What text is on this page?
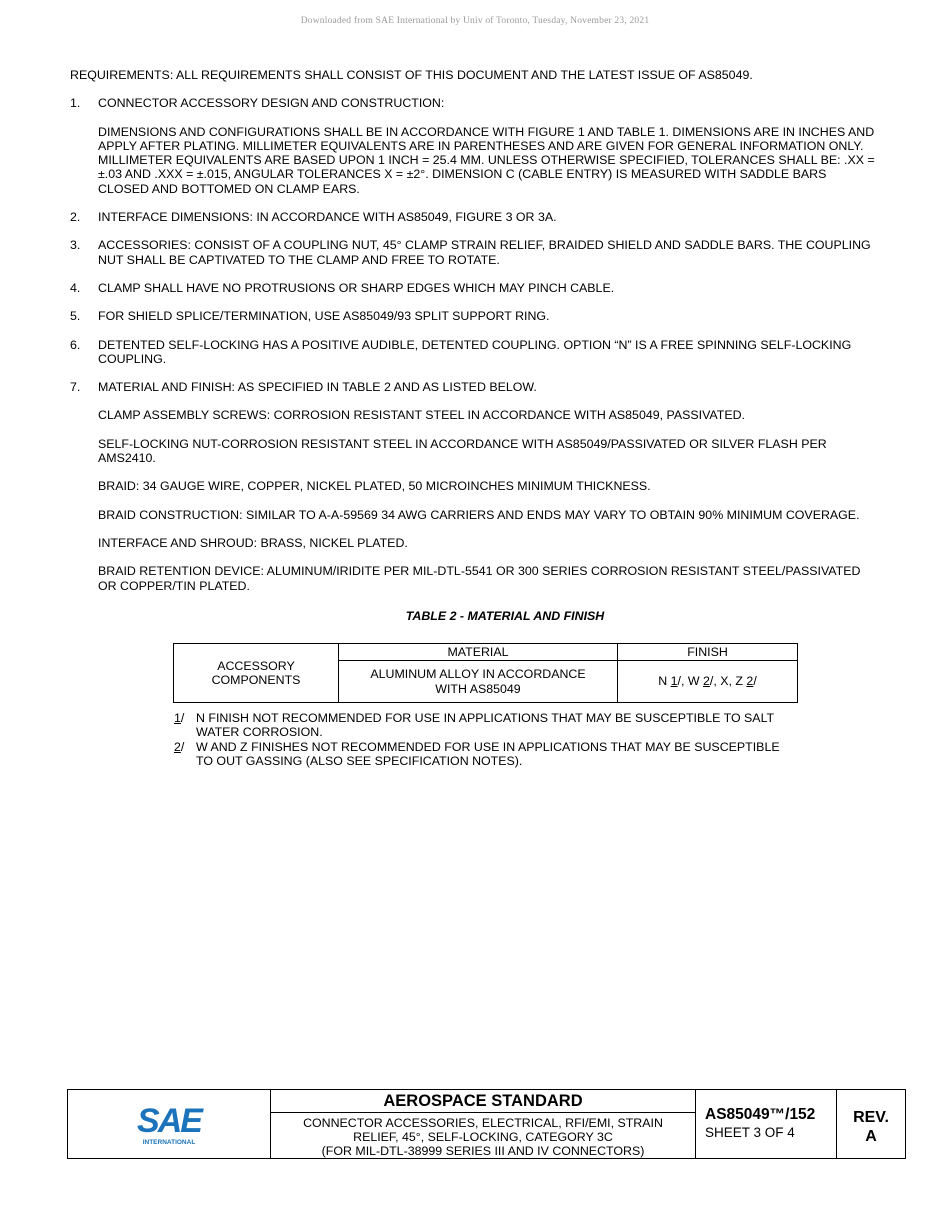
Downloaded from SAE International by Univ of Toronto, Tuesday, November 23, 2021

REQUIREMENTS: ALL REQUIREMENTS SHALL CONSIST OF THIS DOCUMENT AND THE LATEST ISSUE OF AS85049.

1.	CONNECTOR ACCESSORY DESIGN AND CONSTRUCTION:

DIMENSIONS AND CONFIGURATIONS SHALL BE IN ACCORDANCE WITH FIGURE 1 AND TABLE 1. DIMENSIONS ARE IN INCHES AND APPLY AFTER PLATING. MILLIMETER EQUIVALENTS ARE IN PARENTHESES AND ARE GIVEN FOR GENERAL INFORMATION ONLY. MILLIMETER EQUIVALENTS ARE BASED UPON 1 INCH = 25.4 MM. UNLESS OTHERWISE SPECIFIED, TOLERANCES SHALL BE: .XX = ±.03 AND .XXX = ±.015, ANGULAR TOLERANCES X = ±2°. DIMENSION C (CABLE ENTRY) IS MEASURED WITH SADDLE BARS CLOSED AND BOTTOMED ON CLAMP EARS.

2.	INTERFACE DIMENSIONS: IN ACCORDANCE WITH AS85049, FIGURE 3 OR 3A.
3.	ACCESSORIES: CONSIST OF A COUPLING NUT, 45° CLAMP STRAIN RELIEF, BRAIDED SHIELD AND SADDLE BARS. THE COUPLING NUT SHALL BE CAPTIVATED TO THE CLAMP AND FREE TO ROTATE.
4.	CLAMP SHALL HAVE NO PROTRUSIONS OR SHARP EDGES WHICH MAY PINCH CABLE.
5.	FOR SHIELD SPLICE/TERMINATION, USE AS85049/93 SPLIT SUPPORT RING.
6.	DETENTED SELF-LOCKING HAS A POSITIVE AUDIBLE, DETENTED COUPLING. OPTION “N” IS A FREE SPINNING SELF-LOCKING COUPLING.
7.	MATERIAL AND FINISH: AS SPECIFIED IN TABLE 2 AND AS LISTED BELOW.

CLAMP ASSEMBLY SCREWS: CORROSION RESISTANT STEEL IN ACCORDANCE WITH AS85049, PASSIVATED.

SELF-LOCKING NUT-CORROSION RESISTANT STEEL IN ACCORDANCE WITH AS85049/PASSIVATED OR SILVER FLASH PER AMS2410.

BRAID: 34 GAUGE WIRE, COPPER, NICKEL PLATED, 50 MICROINCHES MINIMUM THICKNESS.

BRAID CONSTRUCTION: SIMILAR TO A-A-59569 34 AWG CARRIERS AND ENDS MAY VARY TO OBTAIN 90% MINIMUM COVERAGE.

INTERFACE AND SHROUD: BRASS, NICKEL PLATED.

BRAID RETENTION DEVICE: ALUMINUM/IRIDITE PER MIL-DTL-5541 OR 300 SERIES CORROSION RESISTANT STEEL/PASSIVATED OR COPPER/TIN PLATED.

TABLE 2 - MATERIAL AND FINISH
ACCESSORY COMPONENTS	MATERIAL	FINISH
	ALUMINUM ALLOY IN ACCORDANCE WITH AS85049	N 1/, W 2/, X, Z 2/
1/ N FINISH NOT RECOMMENDED FOR USE IN APPLICATIONS THAT MAY BE SUSCEPTIBLE TO SALT WATER CORROSION.
2/ W AND Z FINISHES NOT RECOMMENDED FOR USE IN APPLICATIONS THAT MAY BE SUSCEPTIBLE TO OUT GASSING (ALSO SEE SPECIFICATION NOTES).
SAE
INTERNATIONAL
AEROSPACE STANDARD
CONNECTOR ACCESSORIES, ELECTRICAL, RFI/EMI, STRAIN
RELIEF, 45°, SELF-LOCKING, CATEGORY 3C
(FOR MIL-DTL-38999 SERIES III AND IV CONNECTORS)
AS85049™/152
SHEET 3 OF 4
REV.
A
